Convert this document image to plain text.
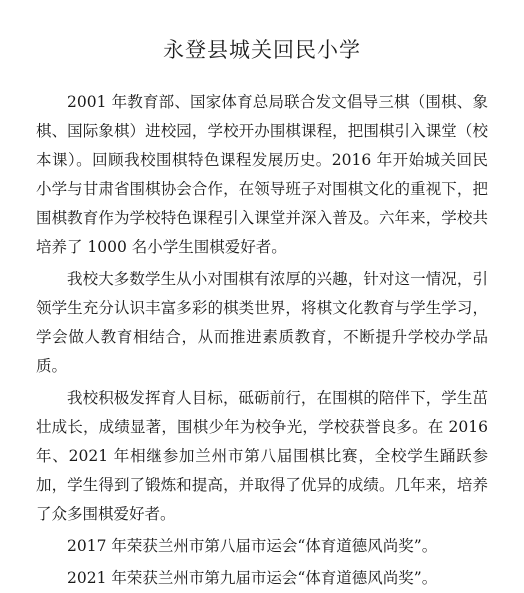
永登县城关回民小学

2001 年教育部、国家体育总局联合发文倡导三棋（围棋、象棋、国际象棋）进校园，学校开办围棋课程，把围棋引入课堂（校本课）。回顾我校围棋特色课程发展历史。2016 年开始城关回民小学与甘肃省围棋协会合作，在领导班子对围棋文化的重视下，把围棋教育作为学校特色课程引入课堂并深入普及。六年来，学校共培养了 1000 名小学生围棋爱好者。

我校大多数学生从小对围棋有浓厚的兴趣，针对这一情况，引领学生充分认识丰富多彩的棋类世界，将棋文化教育与学生学习，学会做人教育相结合，从而推进素质教育，不断提升学校办学品质。

我校积极发挥育人目标，砥砺前行，在围棋的陪伴下，学生茁壮成长，成绩显著，围棋少年为校争光，学校获誉良多。在 2016 年、2021 年相继参加兰州市第八届围棋比赛，全校学生踊跃参加，学生得到了锻炼和提高，并取得了优异的成绩。几年来，培养了众多围棋爱好者。

2017 年荣获兰州市第八届市运会“体育道德风尚奖”。

2021 年荣获兰州市第九届市运会“体育道德风尚奖”。
